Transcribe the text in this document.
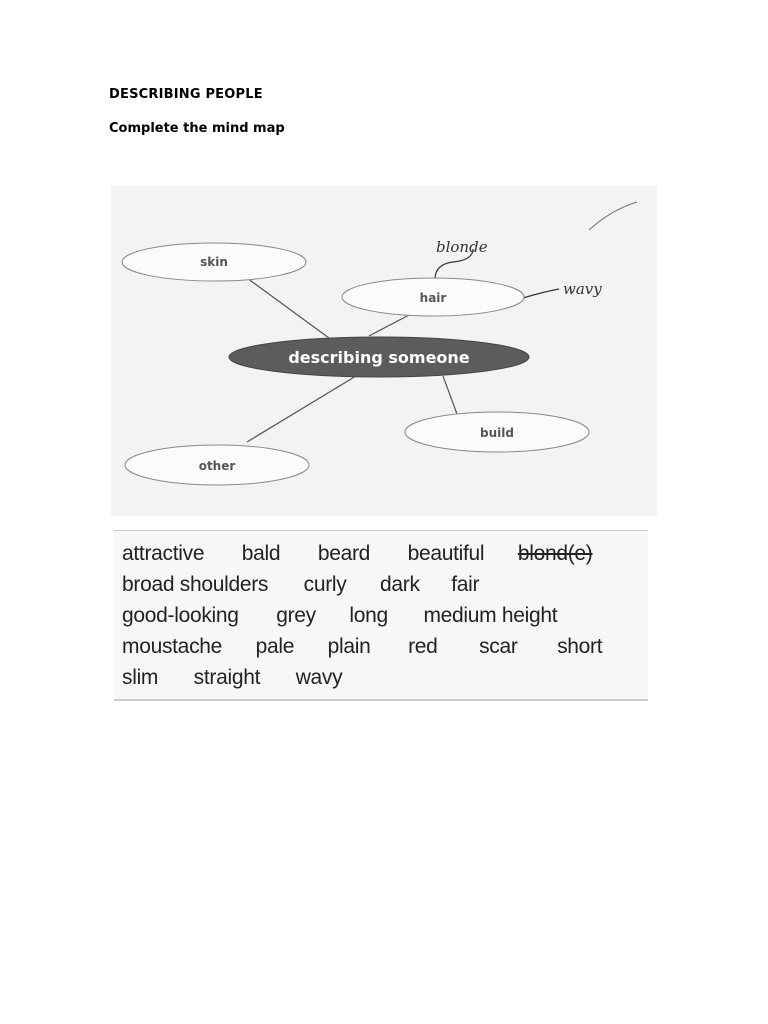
DESCRIBING PEOPLE
Complete the mind map
skin
hair
build
other
describing someone
blonde
wavy
attractive bald beard beautiful blond(e)
broad shoulders curly dark fair
good-looking grey long medium height
moustache pale plain red scar short
slim straight wavy
